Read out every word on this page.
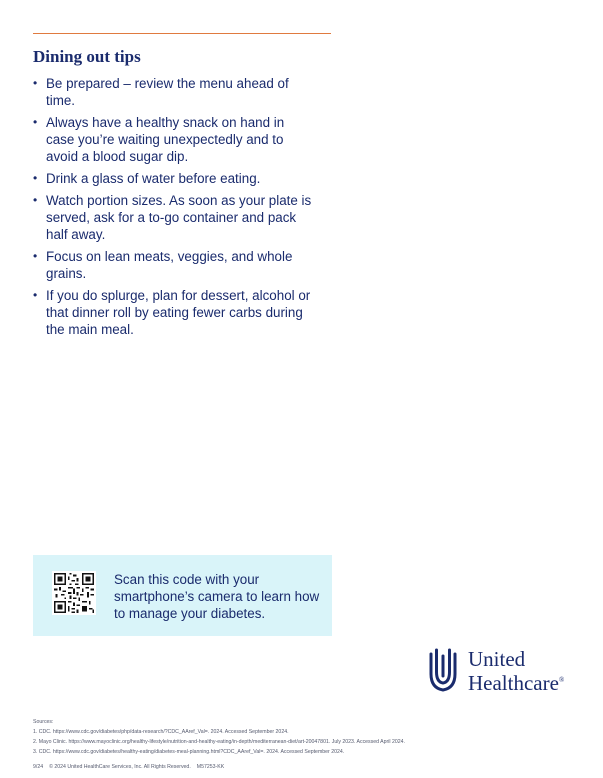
Dining out tips
• Be prepared – review the menu ahead of time.
• Always have a healthy snack on hand in case you’re waiting unexpectedly and to avoid a blood sugar dip.
• Drink a glass of water before eating.
• Watch portion sizes. As soon as your plate is served, ask for a to-go container and pack half away.
• Focus on lean meats, veggies, and whole grains.
• If you do splurge, plan for dessert, alcohol or that dinner roll by eating fewer carbs during the main meal.
Scan this code with your smartphone’s camera to learn how to manage your diabetes.
United
Healthcare®
Sources:
1. CDC. https://www.cdc.gov/diabetes/php/data-research/?CDC_AAref_Val=. 2024. Accessed September 2024.
2. Mayo Clinic. https://www.mayoclinic.org/healthy-lifestyle/nutrition-and-healthy-eating/in-depth/mediterranean-diet/art-20047801. July 2023. Accessed April 2024.
3. CDC. https://www.cdc.gov/diabetes/healthy-eating/diabetes-meal-planning.html?CDC_AAref_Val=. 2024. Accessed September 2024.
9/24 © 2024 United HealthCare Services, Inc. All Rights Reserved. M57253-KK
